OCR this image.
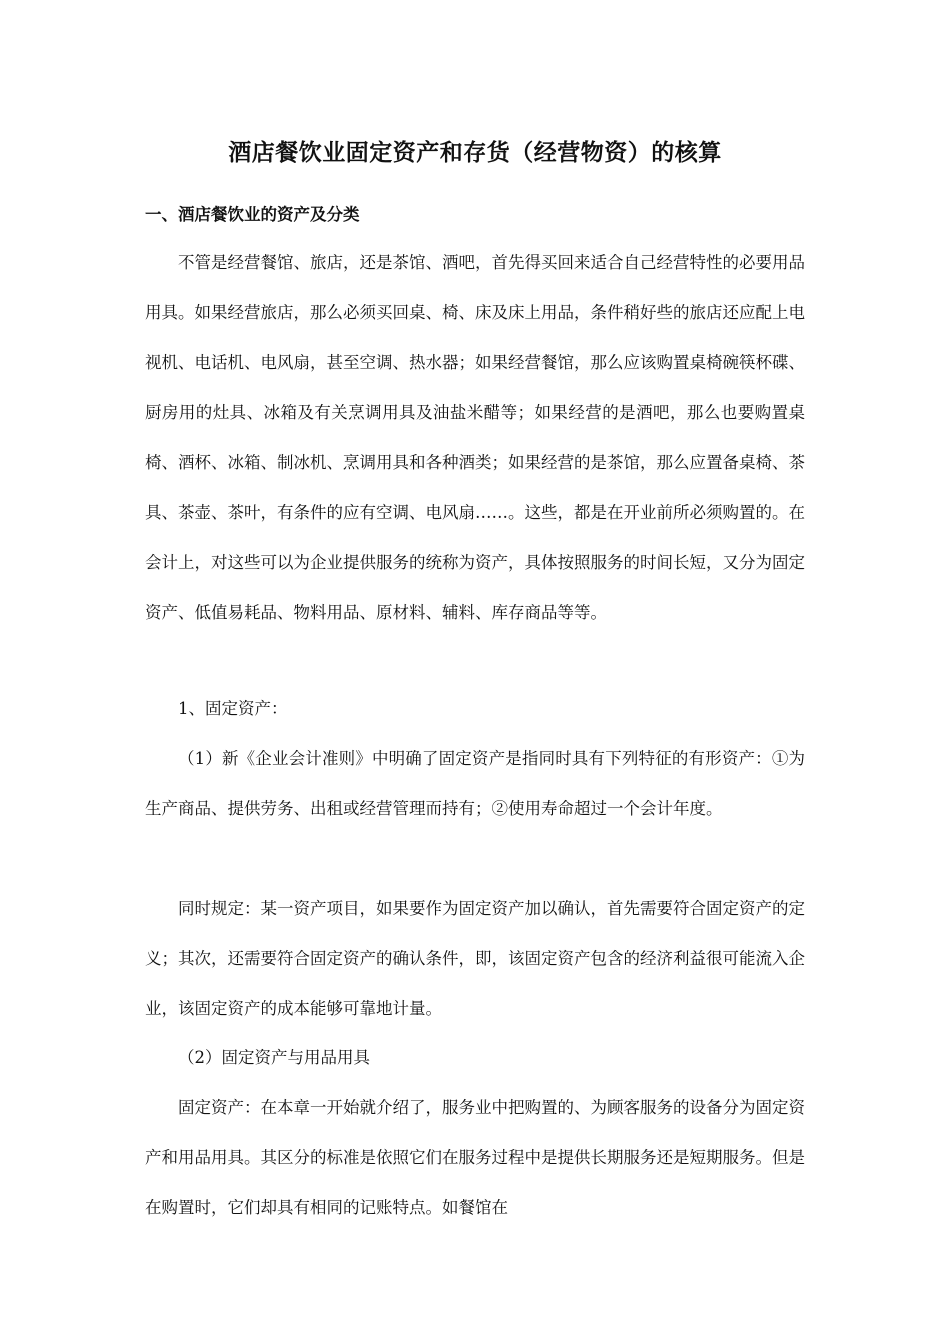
酒店餐饮业固定资产和存货（经营物资）的核算
一、酒店餐饮业的资产及分类

不管是经营餐馆、旅店，还是茶馆、酒吧，首先得买回来适合自己经营特性的必要用品用具。如果经营旅店，那么必须买回桌、椅、床及床上用品，条件稍好些的旅店还应配上电视机、电话机、电风扇，甚至空调、热水器；如果经营餐馆，那么应该购置桌椅碗筷杯碟、厨房用的灶具、冰箱及有关烹调用具及油盐米醋等；如果经营的是酒吧，那么也要购置桌椅、酒杯、冰箱、制冰机、烹调用具和各种酒类；如果经营的是茶馆，那么应置备桌椅、茶具、茶壶、茶叶，有条件的应有空调、电风扇……。这些，都是在开业前所必须购置的。在会计上，对这些可以为企业提供服务的统称为资产，具体按照服务的时间长短，又分为固定资产、低值易耗品、物料用品、原材料、辅料、库存商品等等。

1、固定资产：

（1）新《企业会计准则》中明确了固定资产是指同时具有下列特征的有形资产：①为生产商品、提供劳务、出租或经营管理而持有；②使用寿命超过一个会计年度。

同时规定：某一资产项目，如果要作为固定资产加以确认，首先需要符合固定资产的定义；其次，还需要符合固定资产的确认条件，即，该固定资产包含的经济利益很可能流入企业，该固定资产的成本能够可靠地计量。

（2）固定资产与用品用具

固定资产：在本章一开始就介绍了，服务业中把购置的、为顾客服务的设备分为固定资产和用品用具。其区分的标准是依照它们在服务过程中是提供长期服务还是短期服务。但是在购置时，它们却具有相同的记账特点。如餐馆在
